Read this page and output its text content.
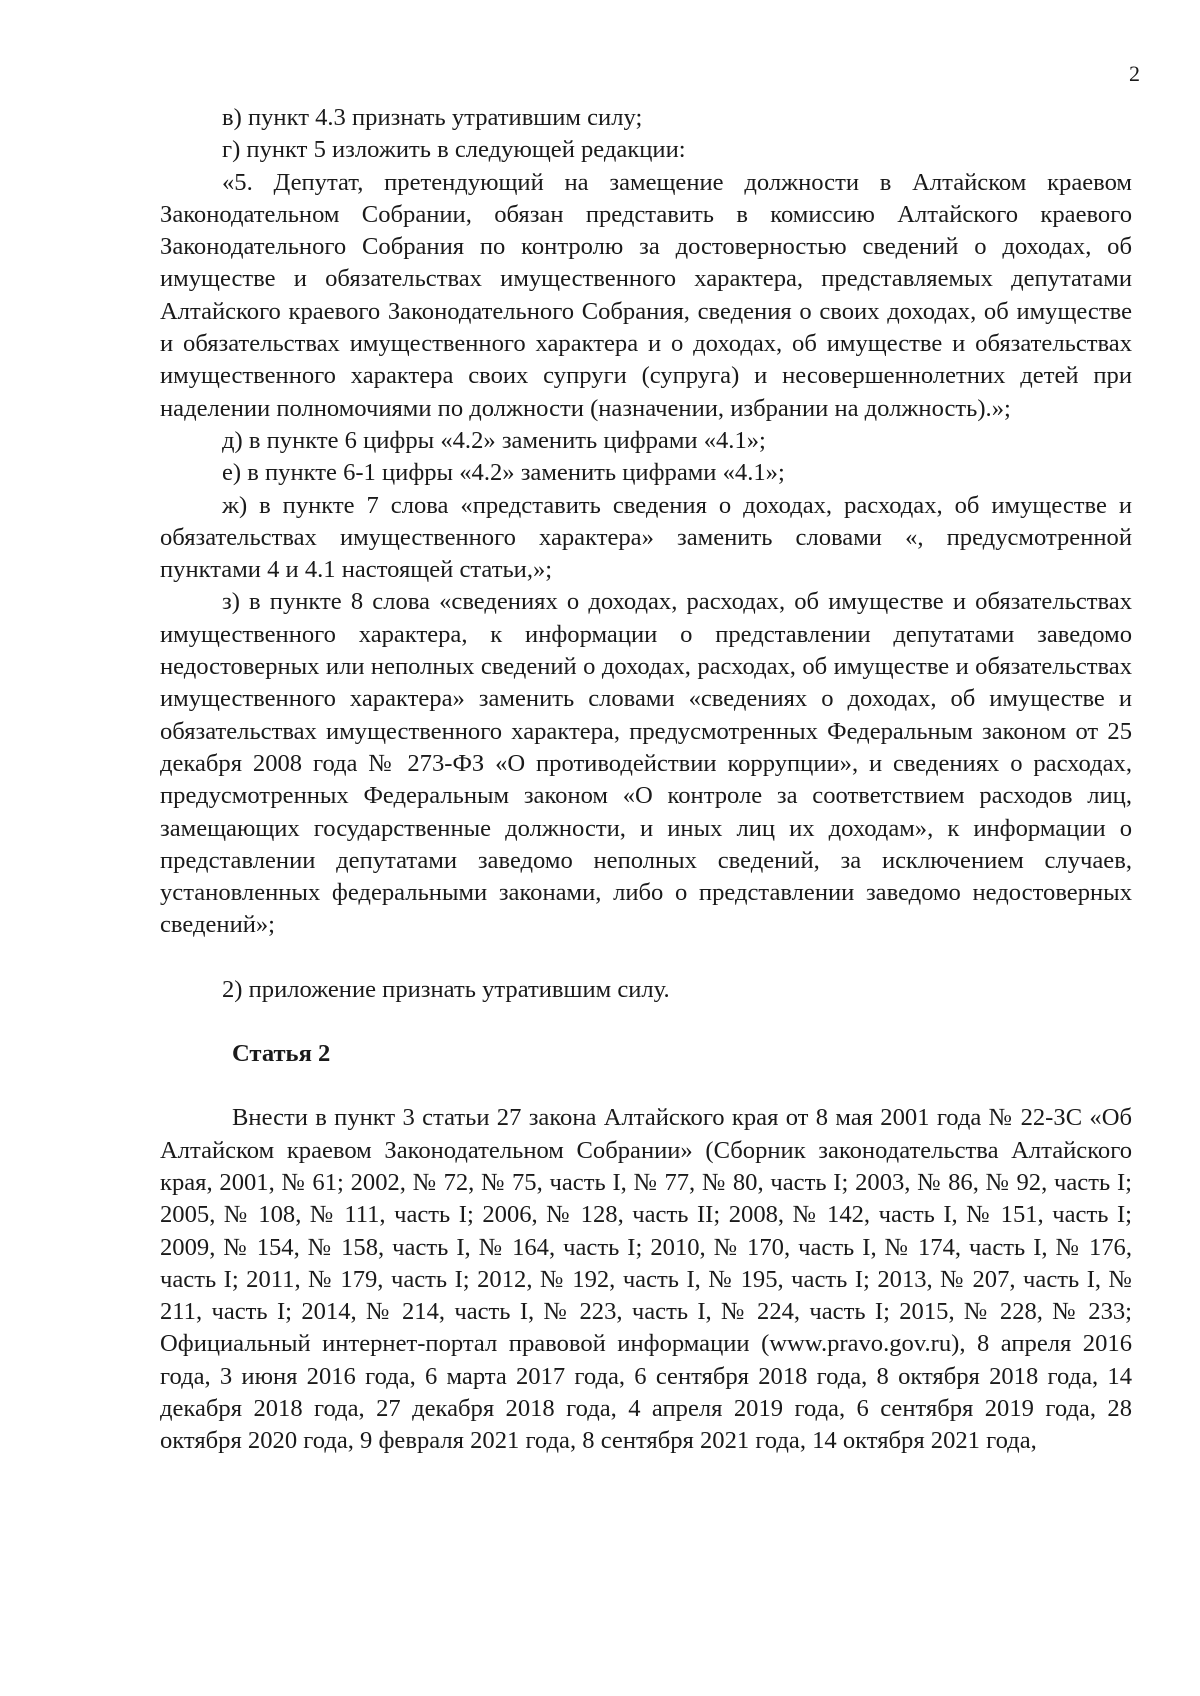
2

в) пункт 4.3 признать утратившим силу;

г) пункт 5 изложить в следующей редакции:

«5. Депутат, претендующий на замещение должности в Алтайском краевом Законодательном Собрании, обязан представить в комиссию Алтайского краевого Законодательного Собрания по контролю за достоверностью сведений о доходах, об имуществе и обязательствах имущественного характера, представляемых депутатами Алтайского краевого Законодательного Собрания, сведения о своих доходах, об имуществе и обязательствах имущественного характера и о доходах, об имуществе и обязательствах имущественного характера своих супруги (супруга) и несовершеннолетних детей при наделении полномочиями по должности (назначении, избрании на должность).»;

д) в пункте 6 цифры «4.2» заменить цифрами «4.1»;

е) в пункте 6-1 цифры «4.2» заменить цифрами «4.1»;

ж) в пункте 7 слова «представить сведения о доходах, расходах, об имуществе и обязательствах имущественного характера» заменить словами «, предусмотренной пунктами 4 и 4.1 настоящей статьи,»;

з) в пункте 8 слова «сведениях о доходах, расходах, об имуществе и обязательствах имущественного характера, к информации о представлении депутатами заведомо недостоверных или неполных сведений о доходах, расходах, об имуществе и обязательствах имущественного характера» заменить словами «сведениях о доходах, об имуществе и обязательствах имущественного характера, предусмотренных Федеральным законом от 25 декабря 2008 года № 273-ФЗ «О противодействии коррупции», и сведениях о расходах, предусмотренных Федеральным законом «О контроле за соответствием расходов лиц, замещающих государственные должности, и иных лиц их доходам», к информации о представлении депутатами заведомо неполных сведений, за исключением случаев, установленных федеральными законами, либо о представлении заведомо недостоверных сведений»;

2) приложение признать утратившим силу.

Статья 2

Внести в пункт 3 статьи 27 закона Алтайского края от 8 мая 2001 года № 22-ЗС «Об Алтайском краевом Законодательном Собрании» (Сборник законодательства Алтайского края, 2001, № 61; 2002, № 72, № 75, часть I, № 77, № 80, часть I; 2003, № 86, № 92, часть I; 2005, № 108, № 111, часть I; 2006, № 128, часть II; 2008, № 142, часть I, № 151, часть I; 2009, № 154, № 158, часть I, № 164, часть I; 2010, № 170, часть I, № 174, часть I, № 176, часть I; 2011, № 179, часть I; 2012, № 192, часть I, № 195, часть I; 2013, № 207, часть I, № 211, часть I; 2014, № 214, часть I, № 223, часть I, № 224, часть I; 2015, № 228, № 233; Официальный интернет-портал правовой информации (www.pravo.gov.ru), 8 апреля 2016 года, 3 июня 2016 года, 6 марта 2017 года, 6 сентября 2018 года, 8 октября 2018 года, 14 декабря 2018 года, 27 декабря 2018 года, 4 апреля 2019 года, 6 сентября 2019 года, 28 октября 2020 года, 9 февраля 2021 года, 8 сентября 2021 года, 14 октября 2021 года,
